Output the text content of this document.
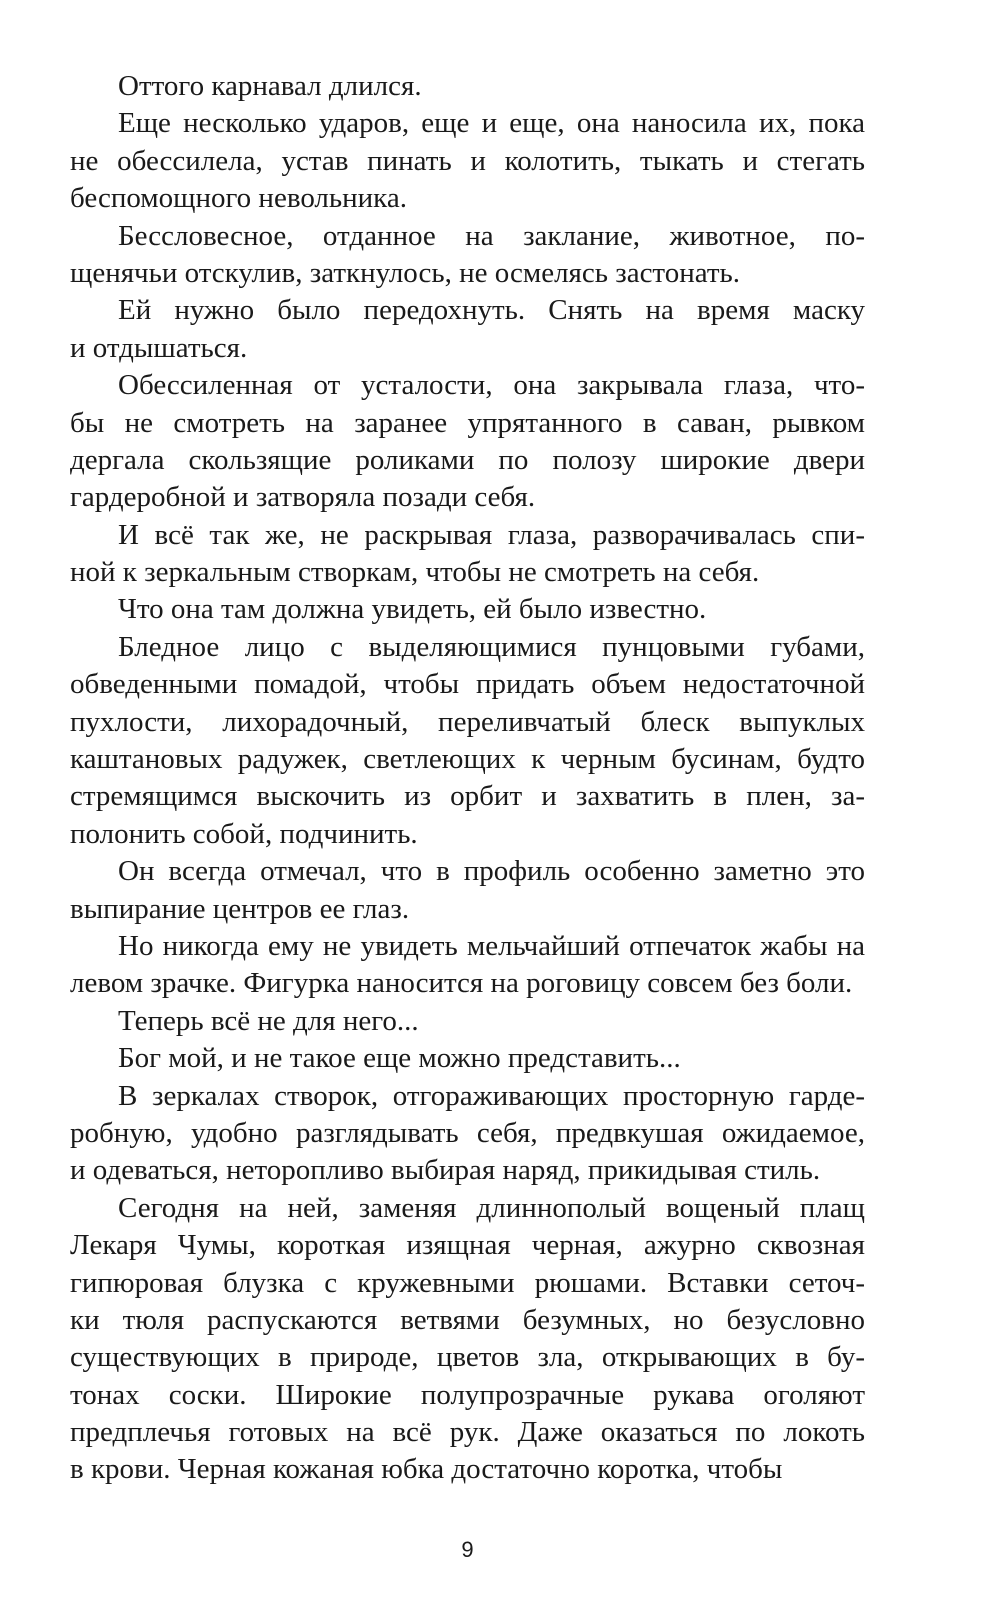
Оттого карнавал длился.
Еще несколько ударов, еще и еще, она наносила их, пока
не обессилела, устав пинать и колотить, тыкать и стегать
беспомощного невольника.
Бессловесное, отданное на заклание, животное, по-
щенячьи отскулив, заткнулось, не осмелясь застонать.
Ей нужно было передохнуть. Снять на время маску
и отдышаться.
Обессиленная от усталости, она закрывала глаза, что-
бы не смотреть на заранее упрятанного в саван, рывком
дергала скользящие роликами по полозу широкие двери
гардеробной и затворяла позади себя.
И всё так же, не раскрывая глаза, разворачивалась спи-
ной к зеркальным створкам, чтобы не смотреть на себя.
Что она там должна увидеть, ей было известно.
Бледное лицо с выделяющимися пунцовыми губами,
обведенными помадой, чтобы придать объем недостаточной
пухлости, лихорадочный, переливчатый блеск выпуклых
каштановых радужек, светлеющих к черным бусинам, будто
стремящимся выскочить из орбит и захватить в плен, за-
полонить собой, подчинить.
Он всегда отмечал, что в профиль особенно заметно это
выпирание центров ее глаз.
Но никогда ему не увидеть мельчайший отпечаток жабы на
левом зрачке. Фигурка наносится на роговицу совсем без боли.
Теперь всё не для него...
Бог мой, и не такое еще можно представить...
В зеркалах створок, отгораживающих просторную гарде-
робную, удобно разглядывать себя, предвкушая ожидаемое,
и одеваться, неторопливо выбирая наряд, прикидывая стиль.
Сегодня на ней, заменяя длиннополый вощеный плащ
Лекаря Чумы, короткая изящная черная, ажурно сквозная
гипюровая блузка с кружевными рюшами. Вставки сеточ-
ки тюля распускаются ветвями безумных, но безусловно
существующих в природе, цветов зла, открывающих в бу-
тонах соски. Широкие полупрозрачные рукава оголяют
предплечья готовых на всё рук. Даже оказаться по локоть
в крови. Черная кожаная юбка достаточно коротка, чтобы
9
